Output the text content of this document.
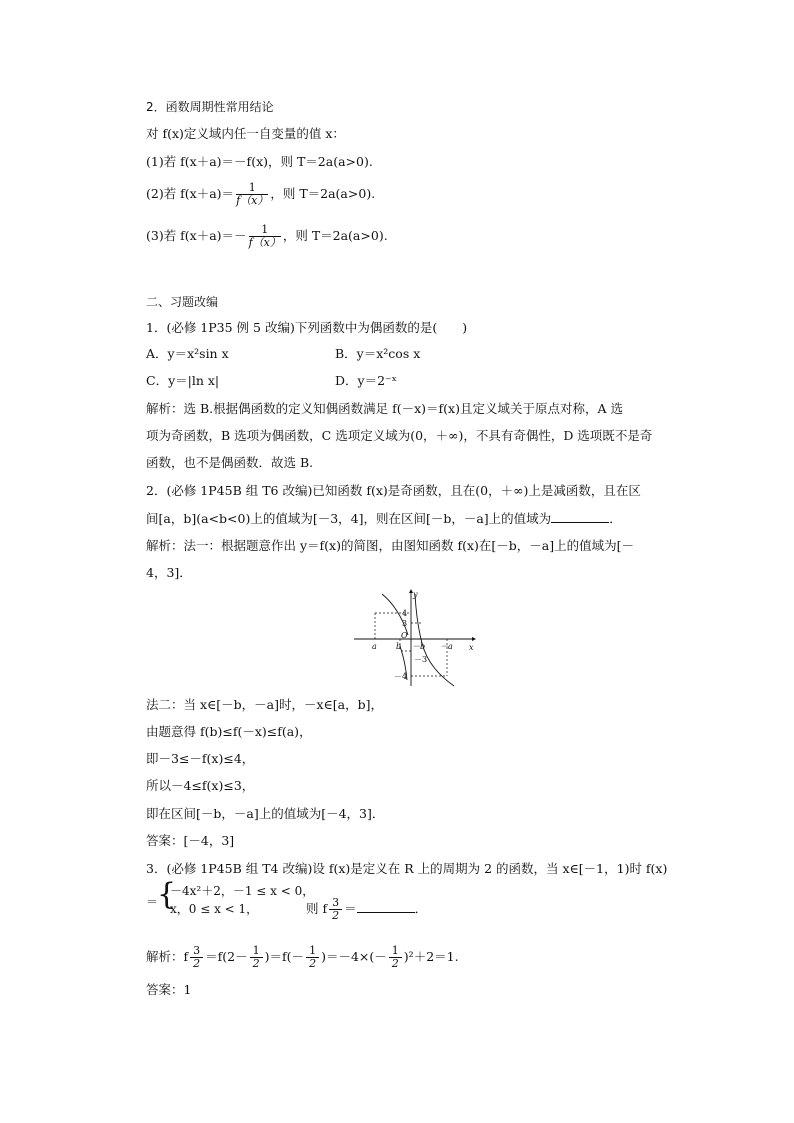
2．函数周期性常用结论
对 f(x)定义域内任一自变量的值 x：
(1)若 f(x＋a)＝－f(x)，则 T＝2a(a>0).
(2)若 $f(x+a)= \frac{1}{f(x)}$ ，则 T＝2a(a>0).
(3)若 $f(x+a)=- \frac{1}{f(x)}$ ，则 T＝2a(a>0).
二、习题改编
1．(必修 1P35 例 5 改编)下列函数中为偶函数的是(　　)
A．y＝x²sin x	B．y＝x²cos x
C．y＝|ln x|	D．y＝2⁻ˣ
解析：选 B.根据偶函数的定义知偶函数满足 f(－x)＝f(x)且定义域关于原点对称，A 选
项为奇函数，B 选项为偶函数，C 选项定义域为(0，＋∞)，不具有奇偶性，D 选项既不是奇
函数，也不是偶函数．故选 B.
2．(必修 1P45B 组 T6 改编)已知函数 f(x)是奇函数，且在(0，＋∞)上是减函数，且在区
间[a，b](a<b<0)上的值域为[－3，4]，则在区间[－b，－a]上的值域为	．
解析：法一：根据题意作出 y＝f(x)的简图，由图知函数 f(x)在[－b，－a]上的值域为[－
4，3]．
y
x
O
a b －b －a
4
3
－3
－4
法二：当 x∈[－b，－a]时，－x∈[a，b]，
由题意得 f(b)≤f(－x)≤f(a)，
即－3≤－f(x)≤4，
所以－4≤f(x)≤3，
即在区间[－b，－a]上的值域为[－4，3]．
答案：[－4，3]
3．(必修 1P45B 组 T4 改编)设 f(x)是定义在 R 上的周期为 2 的函数，当 x∈[－1，1)时 f(x)
＝
{
－4x²＋2，－1 ≤ x < 0，
x，0 ≤ x < 1，	则 f $\frac{3}{2}$ ＝	．
解析：f $\frac{3}{2} =f(2- \frac{1}{2} )=f(- \frac{1}{2} )=-4\times(- \frac{1}{2} )^2+2=1$.
答案：1
